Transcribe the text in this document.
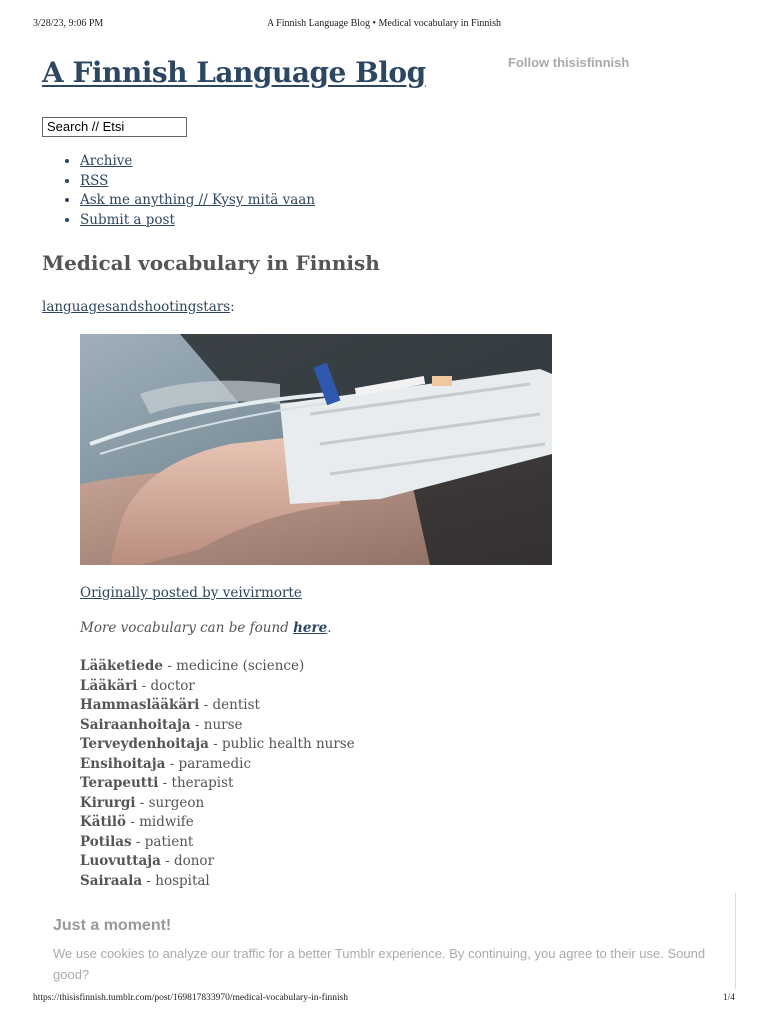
3/28/23, 9:06 PM	A Finnish Language Blog • Medical vocabulary in Finnish
A Finnish Language Blog	Follow thisisfinnish
Search // Etsi
• Archive
• RSS
• Ask me anything // Kysy mitä vaan
• Submit a post
Medical vocabulary in Finnish
languagesandshootingstars:
Originally posted by veivirmorte
More vocabulary can be found here.
Lääketiede - medicine (science)
Lääkäri - doctor
Hammaslääkäri - dentist
Sairaanhoitaja - nurse
Terveydenhoitaja - public health nurse
Ensihoitaja - paramedic
Terapeutti - therapist
Kirurgi - surgeon
Kätilö - midwife
Potilas - patient
Luovuttaja - donor
Sairaala - hospital
Just a moment!
We use cookies to analyze our traffic for a better Tumblr experience. By continuing, you agree to their use. Sound good?
https://thisisfinnish.tumblr.com/post/169817833970/medical-vocabulary-in-finnish	1/4
